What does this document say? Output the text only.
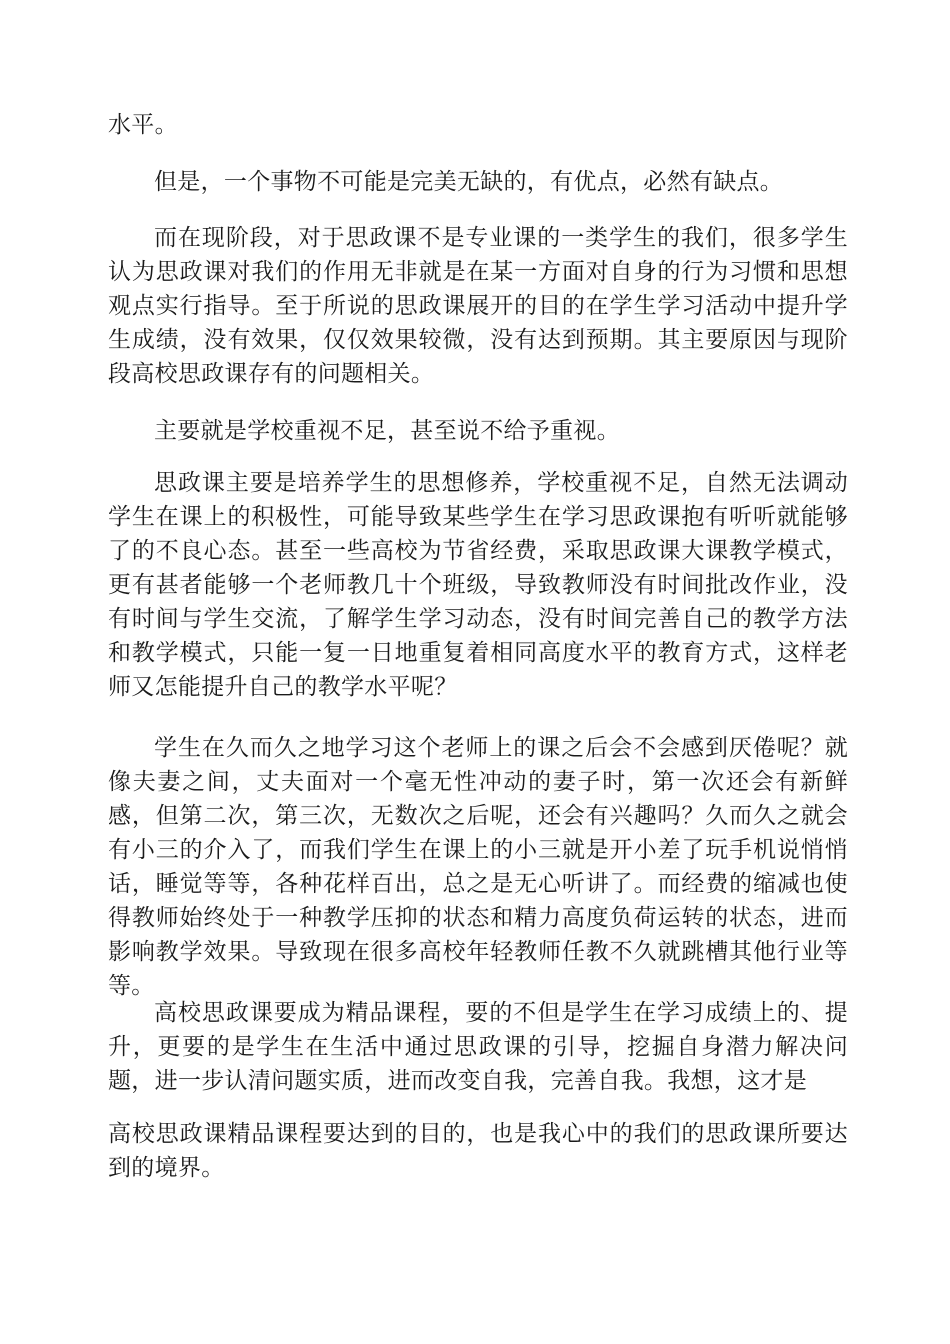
水平。

但是，一个事物不可能是完美无缺的，有优点，必然有缺点。

而在现阶段，对于思政课不是专业课的一类学生的我们，很多学生认为思政课对我们的作用无非就是在某一方面对自身的行为习惯和思想观点实行指导。至于所说的思政课展开的目的在学生学习活动中提升学生成绩，没有效果，仅仅效果较微，没有达到预期。其主要原因与现阶段高校思政课存有的问题相关。

主要就是学校重视不足，甚至说不给予重视。

思政课主要是培养学生的思想修养，学校重视不足，自然无法调动学生在课上的积极性，可能导致某些学生在学习思政课抱有听听就能够了的不良心态。甚至一些高校为节省经费，采取思政课大课教学模式，更有甚者能够一个老师教几十个班级，导致教师没有时间批改作业，没有时间与学生交流，了解学生学习动态，没有时间完善自己的教学方法和教学模式，只能一复一日地重复着相同高度水平的教育方式，这样老师又怎能提升自己的教学水平呢？

学生在久而久之地学习这个老师上的课之后会不会感到厌倦呢？就像夫妻之间，丈夫面对一个毫无性冲动的妻子时，第一次还会有新鲜感，但第二次，第三次，无数次之后呢，还会有兴趣吗？久而久之就会有小三的介入了，而我们学生在课上的小三就是开小差了玩手机说悄悄话，睡觉等等，各种花样百出，总之是无心听讲了。而经费的缩减也使得教师始终处于一种教学压抑的状态和精力高度负荷运转的状态，进而影响教学效果。导致现在很多高校年轻教师任教不久就跳槽其他行业等等。

高校思政课要成为精品课程，要的不但是学生在学习成绩上的、提升，更要的是学生在生活中通过思政课的引导，挖掘自身潜力解决问题，进一步认清问题实质，进而改变自我，完善自我。我想，这才是

高校思政课精品课程要达到的目的，也是我心中的我们的思政课所要达到的境界。
